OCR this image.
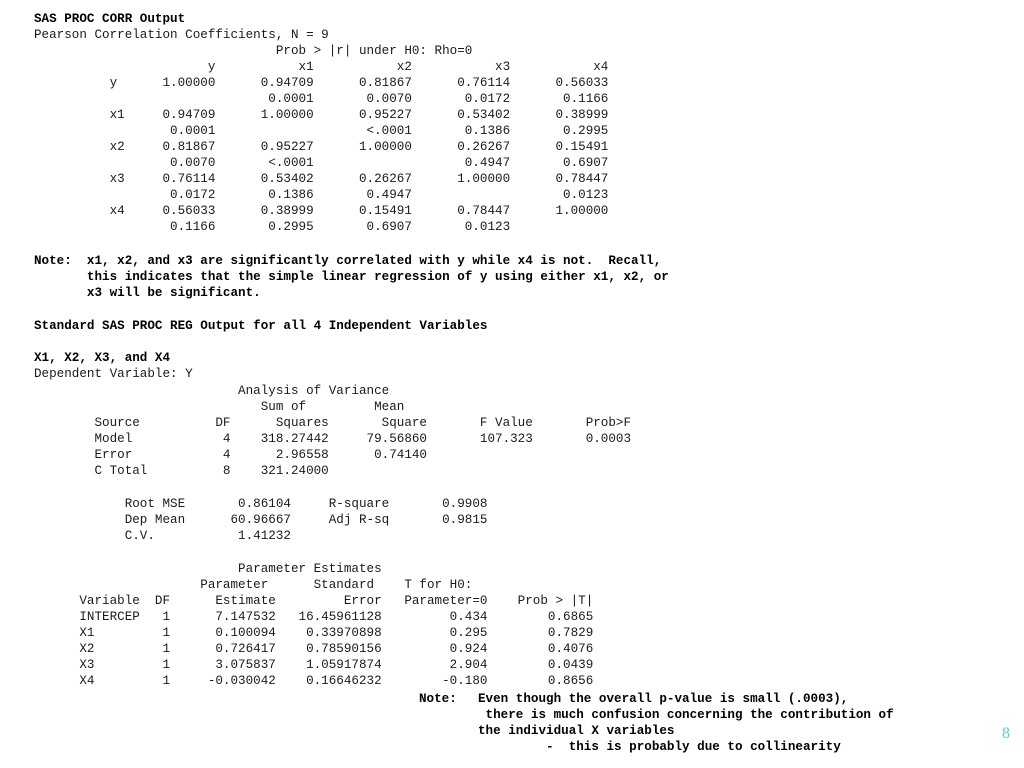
SAS PROC CORR Output
Pearson Correlation Coefficients, N = 9
Prob > |r| under H0: Rho=0
y           x1           x2           x3           x4
y      1.00000      0.94709      0.81867      0.76114      0.56033
0.0001       0.0070       0.0172       0.1166
x1     0.94709      1.00000      0.95227      0.53402      0.38999
0.0001                    <.0001       0.1386       0.2995
x2     0.81867      0.95227      1.00000      0.26267      0.15491
0.0070       <.0001                    0.4947       0.6907
x3     0.76114      0.53402      0.26267      1.00000      0.78447
0.0172       0.1386       0.4947                    0.0123
x4     0.56033      0.38999      0.15491      0.78447      1.00000
0.1166       0.2995       0.6907       0.0123
Note:  x1, x2, and x3 are significantly correlated with y while x4 is not.  Recall,
this indicates that the simple linear regression of y using either x1, x2, or
x3 will be significant.
Standard SAS PROC REG Output for all 4 Independent Variables
X1, X2, X3, and X4
Dependent Variable: Y
Analysis of Variance
Sum of         Mean
Source          DF      Squares       Square       F Value       Prob>F
Model            4    318.27442     79.56860       107.323       0.0003
Error            4      2.96558      0.74140
C Total          8    321.24000
Root MSE       0.86104     R-square       0.9908
Dep Mean      60.96667     Adj R-sq       0.9815
C.V.           1.41232
Parameter Estimates
Parameter      Standard    T for H0:
Variable  DF      Estimate         Error   Parameter=0    Prob > |T|
INTERCEP   1      7.147532   16.45961128         0.434        0.6865
X1         1      0.100094    0.33970898         0.295        0.7829
X2         1      0.726417    0.78590156         0.924        0.4076
X3         1      3.075837    1.05917874         2.904        0.0439
X4         1     -0.030042    0.16646232        -0.180        0.8656
Note: Even though the overall p-value is small (.0003),
there is much confusion concerning the contribution of
the individual X variables
-  this is probably due to collinearity
8
